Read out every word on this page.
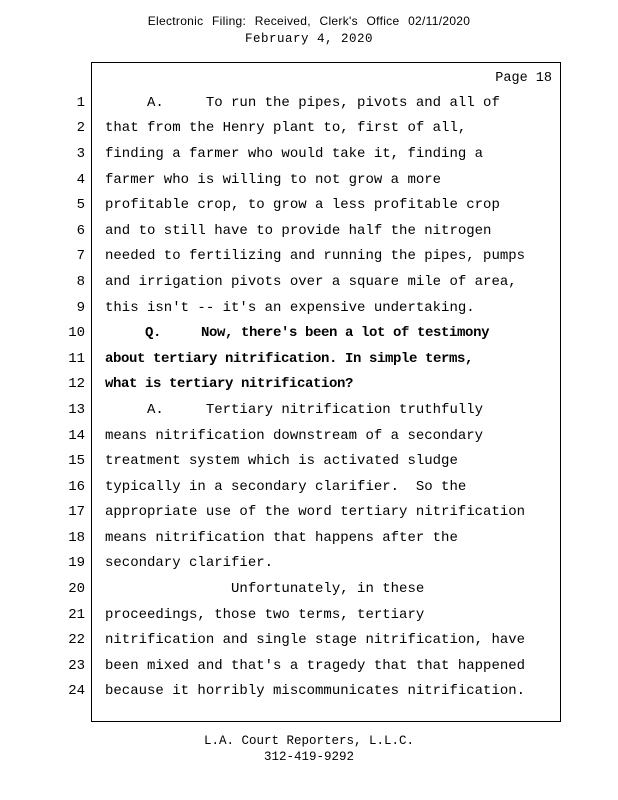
Electronic Filing: Received, Clerk's Office 02/11/2020
February 4, 2020
Page 18
1 A.     To run the pipes, pivots and all of
2 that from the Henry plant to, first of all,
3 finding a farmer who would take it, finding a
4 farmer who is willing to not grow a more
5 profitable crop, to grow a less profitable crop
6 and to still have to provide half the nitrogen
7 needed to fertilizing and running the pipes, pumps
8 and irrigation pivots over a square mile of area,
9 this isn't -- it's an expensive undertaking.
10 Q.     Now, there's been a lot of testimony
11 about tertiary nitrification. In simple terms,
12 what is tertiary nitrification?
13 A.     Tertiary nitrification truthfully
14 means nitrification downstream of a secondary
15 treatment system which is activated sludge
16 typically in a secondary clarifier.  So the
17 appropriate use of the word tertiary nitrification
18 means nitrification that happens after the
19 secondary clarifier.
20 Unfortunately, in these
21 proceedings, those two terms, tertiary
22 nitrification and single stage nitrification, have
23 been mixed and that's a tragedy that that happened
24 because it horribly miscommunicates nitrification.
L.A. Court Reporters, L.L.C.
312-419-9292
